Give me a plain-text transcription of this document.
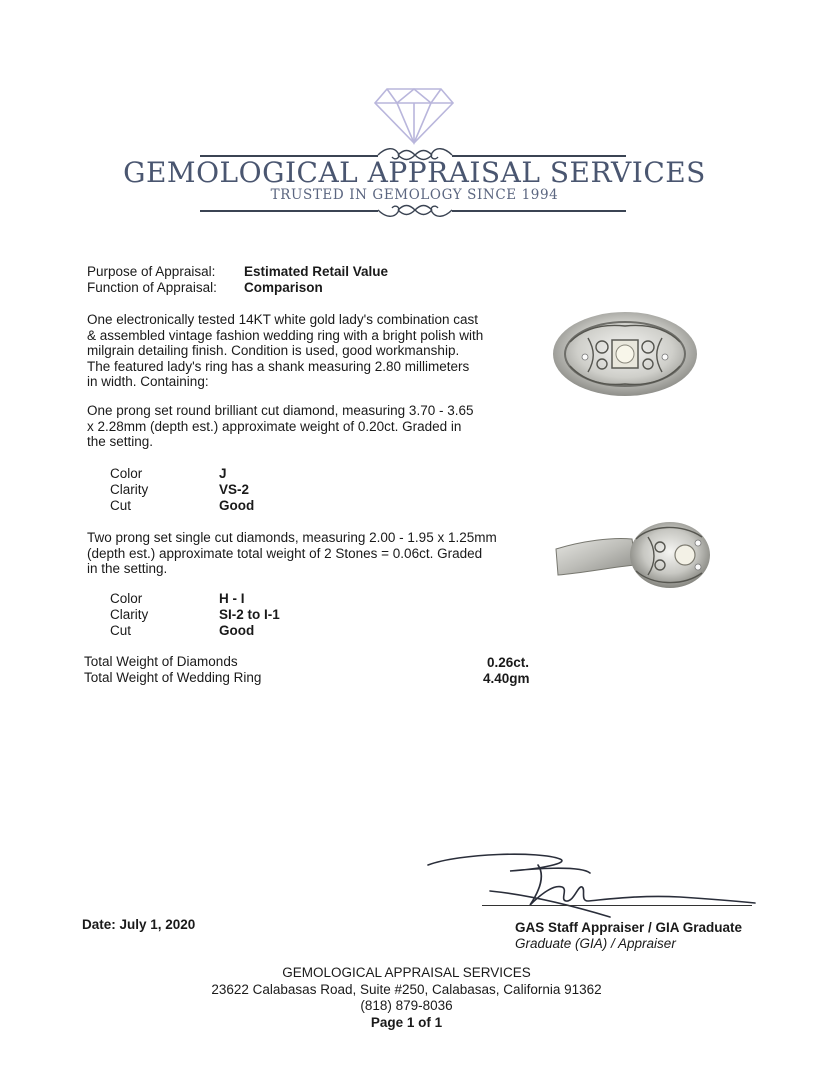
GEMOLOGICAL APPRAISAL SERVICES
TRUSTED IN GEMOLOGY SINCE 1994
Purpose of Appraisal: Estimated Retail Value
Function of Appraisal: Comparison
One electronically tested 14KT white gold lady's combination cast
& assembled vintage fashion wedding ring with a bright polish with
milgrain detailing finish. Condition is used, good workmanship.
The featured lady's ring has a shank measuring 2.80 millimeters
in width. Containing:
One prong set round brilliant cut diamond, measuring 3.70 - 3.65
x 2.28mm (depth est.) approximate weight of 0.20ct. Graded in
the setting.
Color	J
Clarity	VS-2
Cut	Good
Two prong set single cut diamonds, measuring 2.00 - 1.95 x 1.25mm
(depth est.) approximate total weight of 2 Stones = 0.06ct. Graded
in the setting.
Color	H - I
Clarity	SI-2 to I-1
Cut	Good
Total Weight of Diamonds	0.26ct.
Total Weight of Wedding Ring	4.40gm
Date: July 1, 2020	GAS Staff Appraiser / GIA Graduate
Graduate (GIA) / Appraiser
GEMOLOGICAL APPRAISAL SERVICES
23622 Calabasas Road, Suite #250, Calabasas, California 91362
(818) 879-8036
Page 1 of 1
